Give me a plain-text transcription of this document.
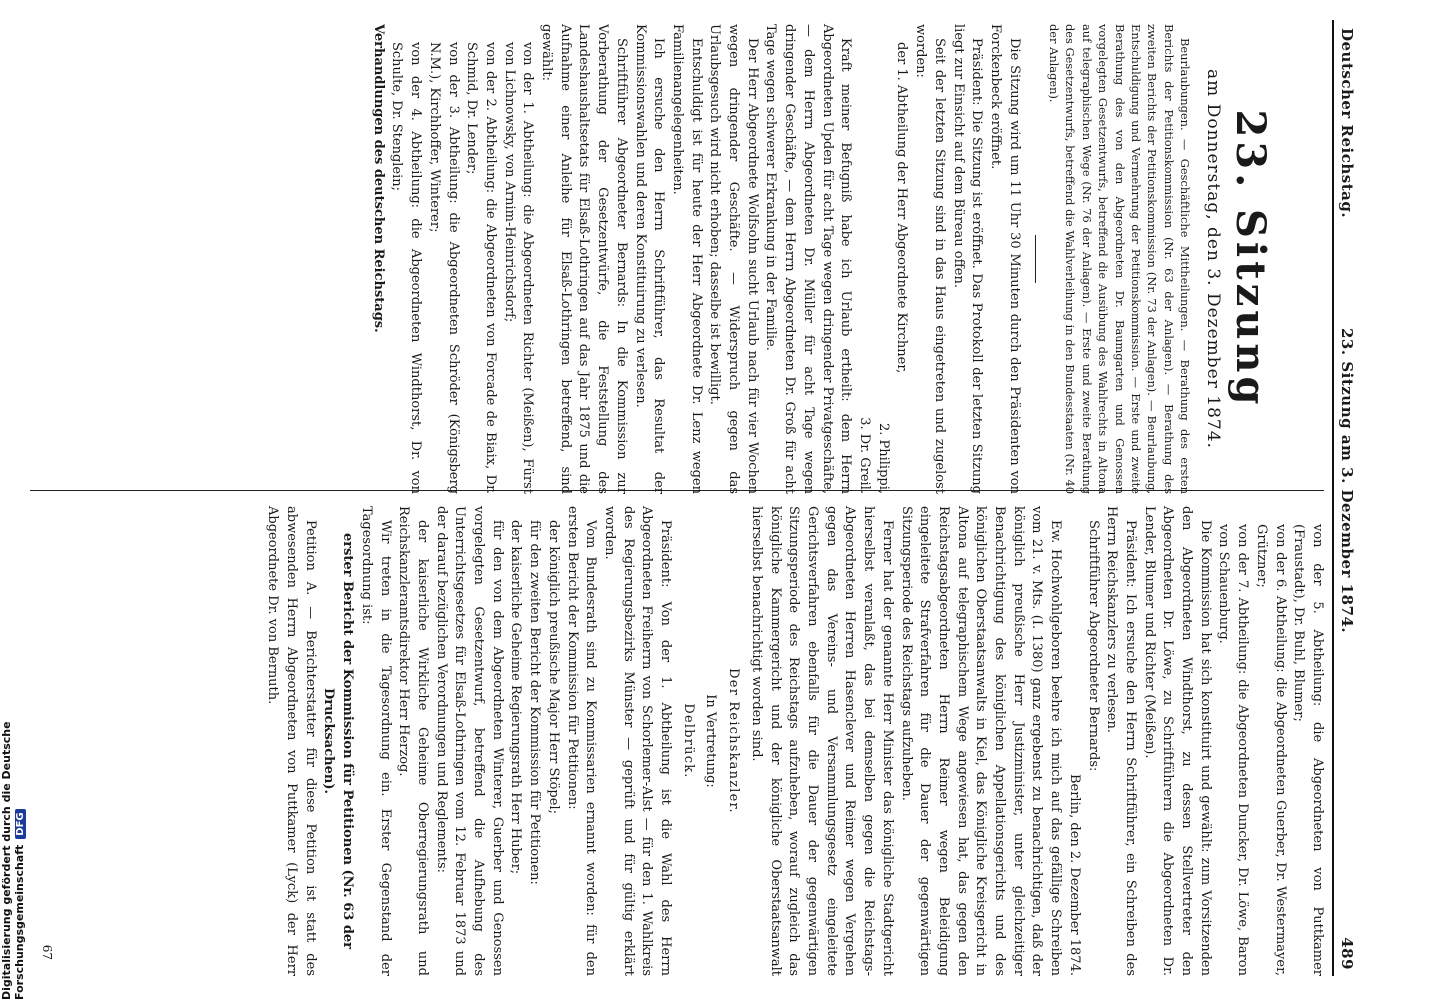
Deutscher Reichstag.
23. Sitzung am 3. Dezember 1874.
489
23. Sitzung
am Donnerstag, den 3. Dezember 1874.

Beurlaubungen. — Geschäftliche Mittheilungen. — Berathung des ersten Berichts der Petitionskommission (Nr. 63 der Anlagen). — Berathung des zweiten Berichts der Petitionskommission (Nr. 73 der Anlagen). — Beurlaubung, Entschuldigung und Vermehrung der Petitionskommission. — Erste und zweite Berathung des von den Abgeordneten Dr. Baumgarten und Genossen vorgelegten Gesetzentwurfs, betreffend die Ausübung des Wahlrechts in Altona auf telegraphischen Wege (Nr. 76 der Anlagen). — Erste und zweite Berathung des Gesetzentwurfs, betreffend die Wahlverleihung in den Bundesstaaten (Nr. 40 der Anlagen).

Die Sitzung wird um 11 Uhr 30 Minuten durch den Präsidenten von Forckenbeck eröffnet.

Präsident: Die Sitzung ist eröffnet. Das Protokoll der letzten Sitzung liegt zur Einsicht auf dem Büreau offen.

Seit der letzten Sitzung sind in das Haus eingetreten und zugelost worden:

der 1. Abtheilung der Herr Abgeordnete Kirchner,

2. Philippi,

3. Dr. Greil.

Kraft meiner Befugniß habe ich Urlaub ertheilt: dem Herrn Abgeordneten Upden für acht Tage wegen dringender Privatgeschäfte, — dem Herrn Abgeordneten Dr. Müller für acht Tage wegen dringender Geschäfte, — dem Herrn Abgeordneten Dr. Groß für acht Tage wegen schwerer Erkrankung in der Familie.

Der Herr Abgeordnete Wolfsohn sucht Urlaub nach für vier Wochen wegen dringender Geschäfte. — Widerspruch gegen das Urlaubsgesuch wird nicht erhoben; dasselbe ist bewilligt.

Entschuldigt ist für heute der Herr Abgeordnete Dr. Lenz wegen Familienangelegenheiten.

Ich ersuche den Herrn Schriftführer, das Resultat der Kommissionswahlen und deren Konstituirung zu verlesen.

Schriftführer Abgeordneter Bernards: In die Kommission zur Vorberathung der Gesetzentwürfe, die Feststellung des Landeshaushaltsetats für Elsaß-Lothringen auf das Jahr 1875 und die Aufnahme einer Anleihe für Elsaß-Lothringen betreffend, sind gewählt:

von der 1. Abtheilung: die Abgeordneten Richter (Meißen), Fürst von Lichnowsky, von Arnim-Heinrichsdorf;

von der 2. Abtheilung: die Abgeordneten von Forcade de Biaix, Dr. Schmid, Dr. Lender;

von der 3. Abtheilung: die Abgeordneten Schröder (Königsberg N.M.), Kirchhoffer, Winterer;

von der 4. Abtheilung: die Abgeordneten Windthorst, Dr. von Schulte, Dr. Stenglein;

Verhandlungen des deutschen Reichstags.

von der 5. Abtheilung: die Abgeordneten von Puttkamer (Fraustadt), Dr. Buhl, Blumer;

von der 6. Abtheilung: die Abgeordneten Guerber, Dr. Westermayer, Grützner;

von der 7. Abtheilung: die Abgeordneten Duncker, Dr. Löwe, Baron von Schauenburg.

Die Kommission hat sich konstituirt und gewählt: zum Vorsitzenden den Abgeordneten Windthorst, zu dessen Stellvertreter den Abgeordneten Dr. Löwe, zu Schriftführern die Abgeordneten Dr. Lender, Blumer und Richter (Meißen).

Präsident: Ich ersuche den Herrn Schriftführer, ein Schreiben des Herrn Reichskanzlers zu verlesen.

Schriftführer Abgeordneter Bernards:

Berlin, den 2. Dezember 1874.

Ew. Hochwohlgeboren beehre ich mich auf das gefällige Schreiben vom 21. v. Mts. (I. 1380) ganz ergebenst zu benachrichtigen, daß der königlich preußische Herr Justizminister, unter gleichzeitiger Benachrichtigung des königlichen Appellationsgerichts und des königlichen Oberstaatsanwalts in Kiel, das Königliche Kreisgericht in Altona auf telegraphischem Wege angewiesen hat, das gegen den Reichstagsabgeordneten Herrn Reimer wegen Beleidigung eingeleitete Strafverfahren für die Dauer der gegenwärtigen Sitzungsperiode des Reichstags aufzuheben.

Ferner hat der genannte Herr Minister das königliche Stadtgericht hierselbst veranlaßt, das bei demselben gegen die Reichstags-Abgeordneten Herren Hasenclever und Reimer wegen Vergehen gegen das Vereins- und Versammlungsgesetz eingeleitete Gerichtsverfahren ebenfalls für die Dauer der gegenwärtigen Sitzungsperiode des Reichstags aufzuheben, worauf zugleich das königliche Kammergericht und der königliche Oberstaatsanwalt hierselbst benachrichtigt worden sind.

Der Reichskanzler.

In Vertretung:

Delbrück.

Präsident: Von der 1. Abtheilung ist die Wahl des Herrn Abgeordneten Freiherrn von Schorlemer-Alst — für den 1. Wahlkreis des Regierungsbezirks Münster — geprüft und für gültig erklärt worden.

Vom Bundesrath sind zu Kommissarien ernannt worden: für den ersten Bericht der Kommission für Petitionen:

der königlich preußische Major Herr Stöpel;

für den zweiten Bericht der Kommission für Petitionen:

der kaiserliche Geheime Regierungsrath Herr Huber;

für den von dem Abgeordneten Winterer, Guerber und Genossen vorgelegten Gesetzentwurf, betreffend die Aufhebung des Unterrichtsgesetzes für Elsaß-Lothringen vom 12. Februar 1873 und der darauf bezüglichen Verordnungen und Reglements:

der kaiserliche Wirkliche Geheime Oberregierungsrath und Reichskanzleramtsdirektor Herr Herzog.

Wir treten in die Tagesordnung ein. Erster Gegenstand der Tagesordnung ist:

erster Bericht der Kommission für Petitionen (Nr. 63 der Drucksachen).

Petition A. — Berichterstatter für diese Petition ist statt des abwesenden Herrn Abgeordneten von Puttkamer (Lyck) der Herr Abgeordnete Dr. von Bernuth.

67
Digitalisierung gefördert durch die Deutsche ForschungsgemeinschaftDFG
